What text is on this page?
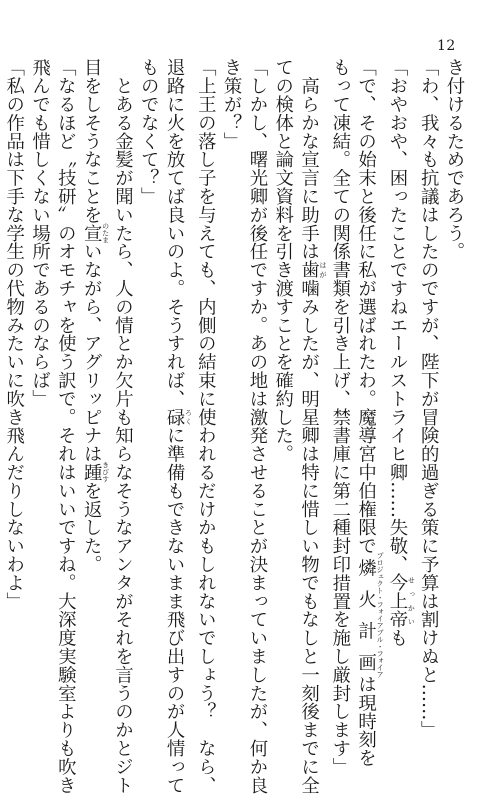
12
き付けるためであろう。
「わ、我々も抗議はしたのですが、陛下が冒険的過ぎる策に予算は割けぬと……」
「おやおや、困ったことですねエールストライヒ卿……失敬、今上帝 せっかいも
「で、その始末と後任に私が選ばれたわ。魔導宮中伯権限で燐火計画 プロジェクト・フォイアブル・フォイアは現時刻を
もって凍結。全ての関係書類を引き上げ、禁書庫に第二種封印措置を施し厳封します」
　高らかな宣言に助手は歯 はが噛みしたが、明星卿は特に惜しい物でもなしと一刻後までに全
ての検体と論文資料を引き渡すことを確約した。
「しかし、曙光卿が後任ですか。あの地は激発させることが決まっていましたが、何か良
き策が？」
「上王の落し子を与えても、内側の結束に使われるだけかもしれないでしょう？　なら、
退路に火を放てば良いのよ。そうすれば、碌 ろくに準備もできないまま飛び出すのが人情って
ものでなくて？」
　とある金髪が聞いたら、人の情とか欠片も知らなそうなアンタがそれを言うのかとジト
目をしそうなことを宣 のたまいながら、アグリッピナは踵 きびすを返した。
「なるほど〝技研〟のオモチャを使う訳で。それはいいですね。大深度実験室よりも吹き
飛んでも惜しくない場所であるのならば」
「私の作品は下手な学生の代物みたいに吹き飛んだりしないわよ」
